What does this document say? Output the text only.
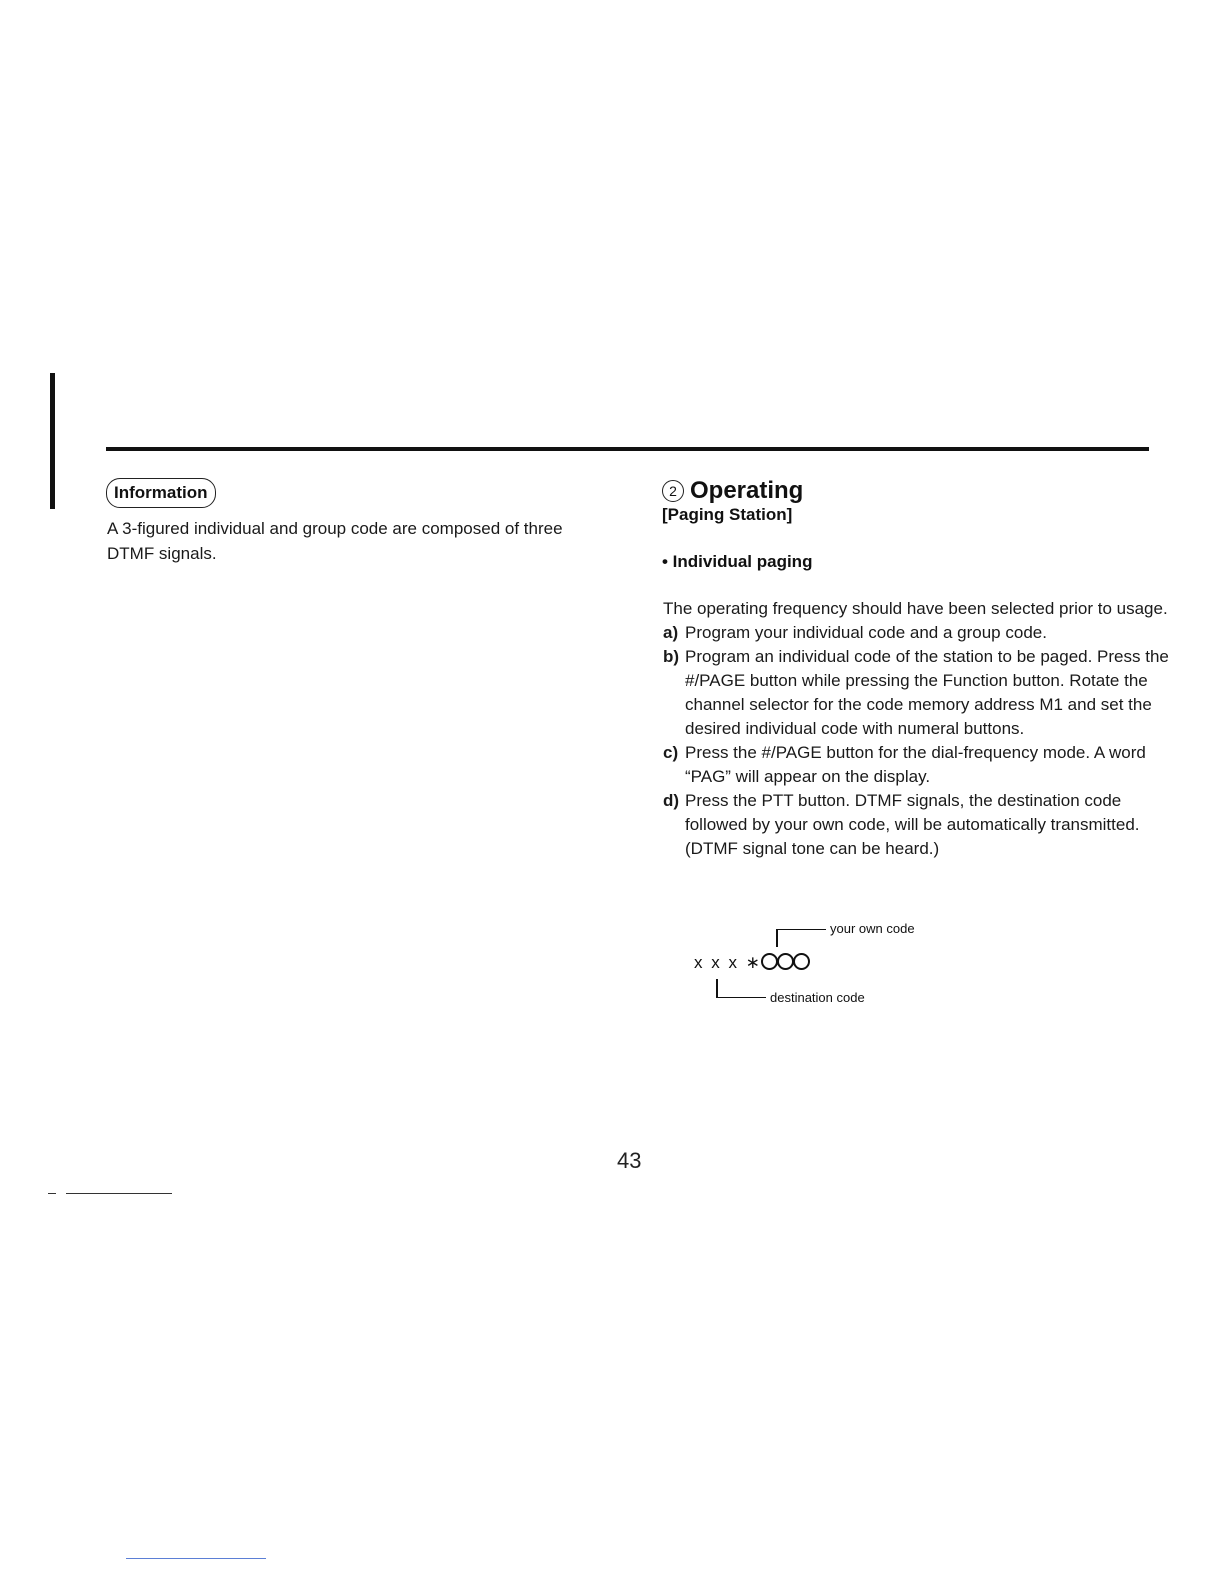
Information
A 3-figured individual and group code are composed of three DTMF signals.
2 Operating
[Paging Station]
• Individual paging

The operating frequency should have been selected prior to usage.

a) Program your individual code and a group code.

b) Program an individual code of the station to be paged. Press the #/PAGE button while pressing the Function button. Rotate the channel selector for the code memory address M1 and set the desired individual code with numeral buttons.

c) Press the #/PAGE button for the dial-frequency mode. A word “PAG” will appear on the display.

d) Press the PTT button. DTMF signals, the destination code followed by your own code, will be automatically transmitted. (DTMF signal tone can be heard.)

your own code
x x x ∗
destination code
43
